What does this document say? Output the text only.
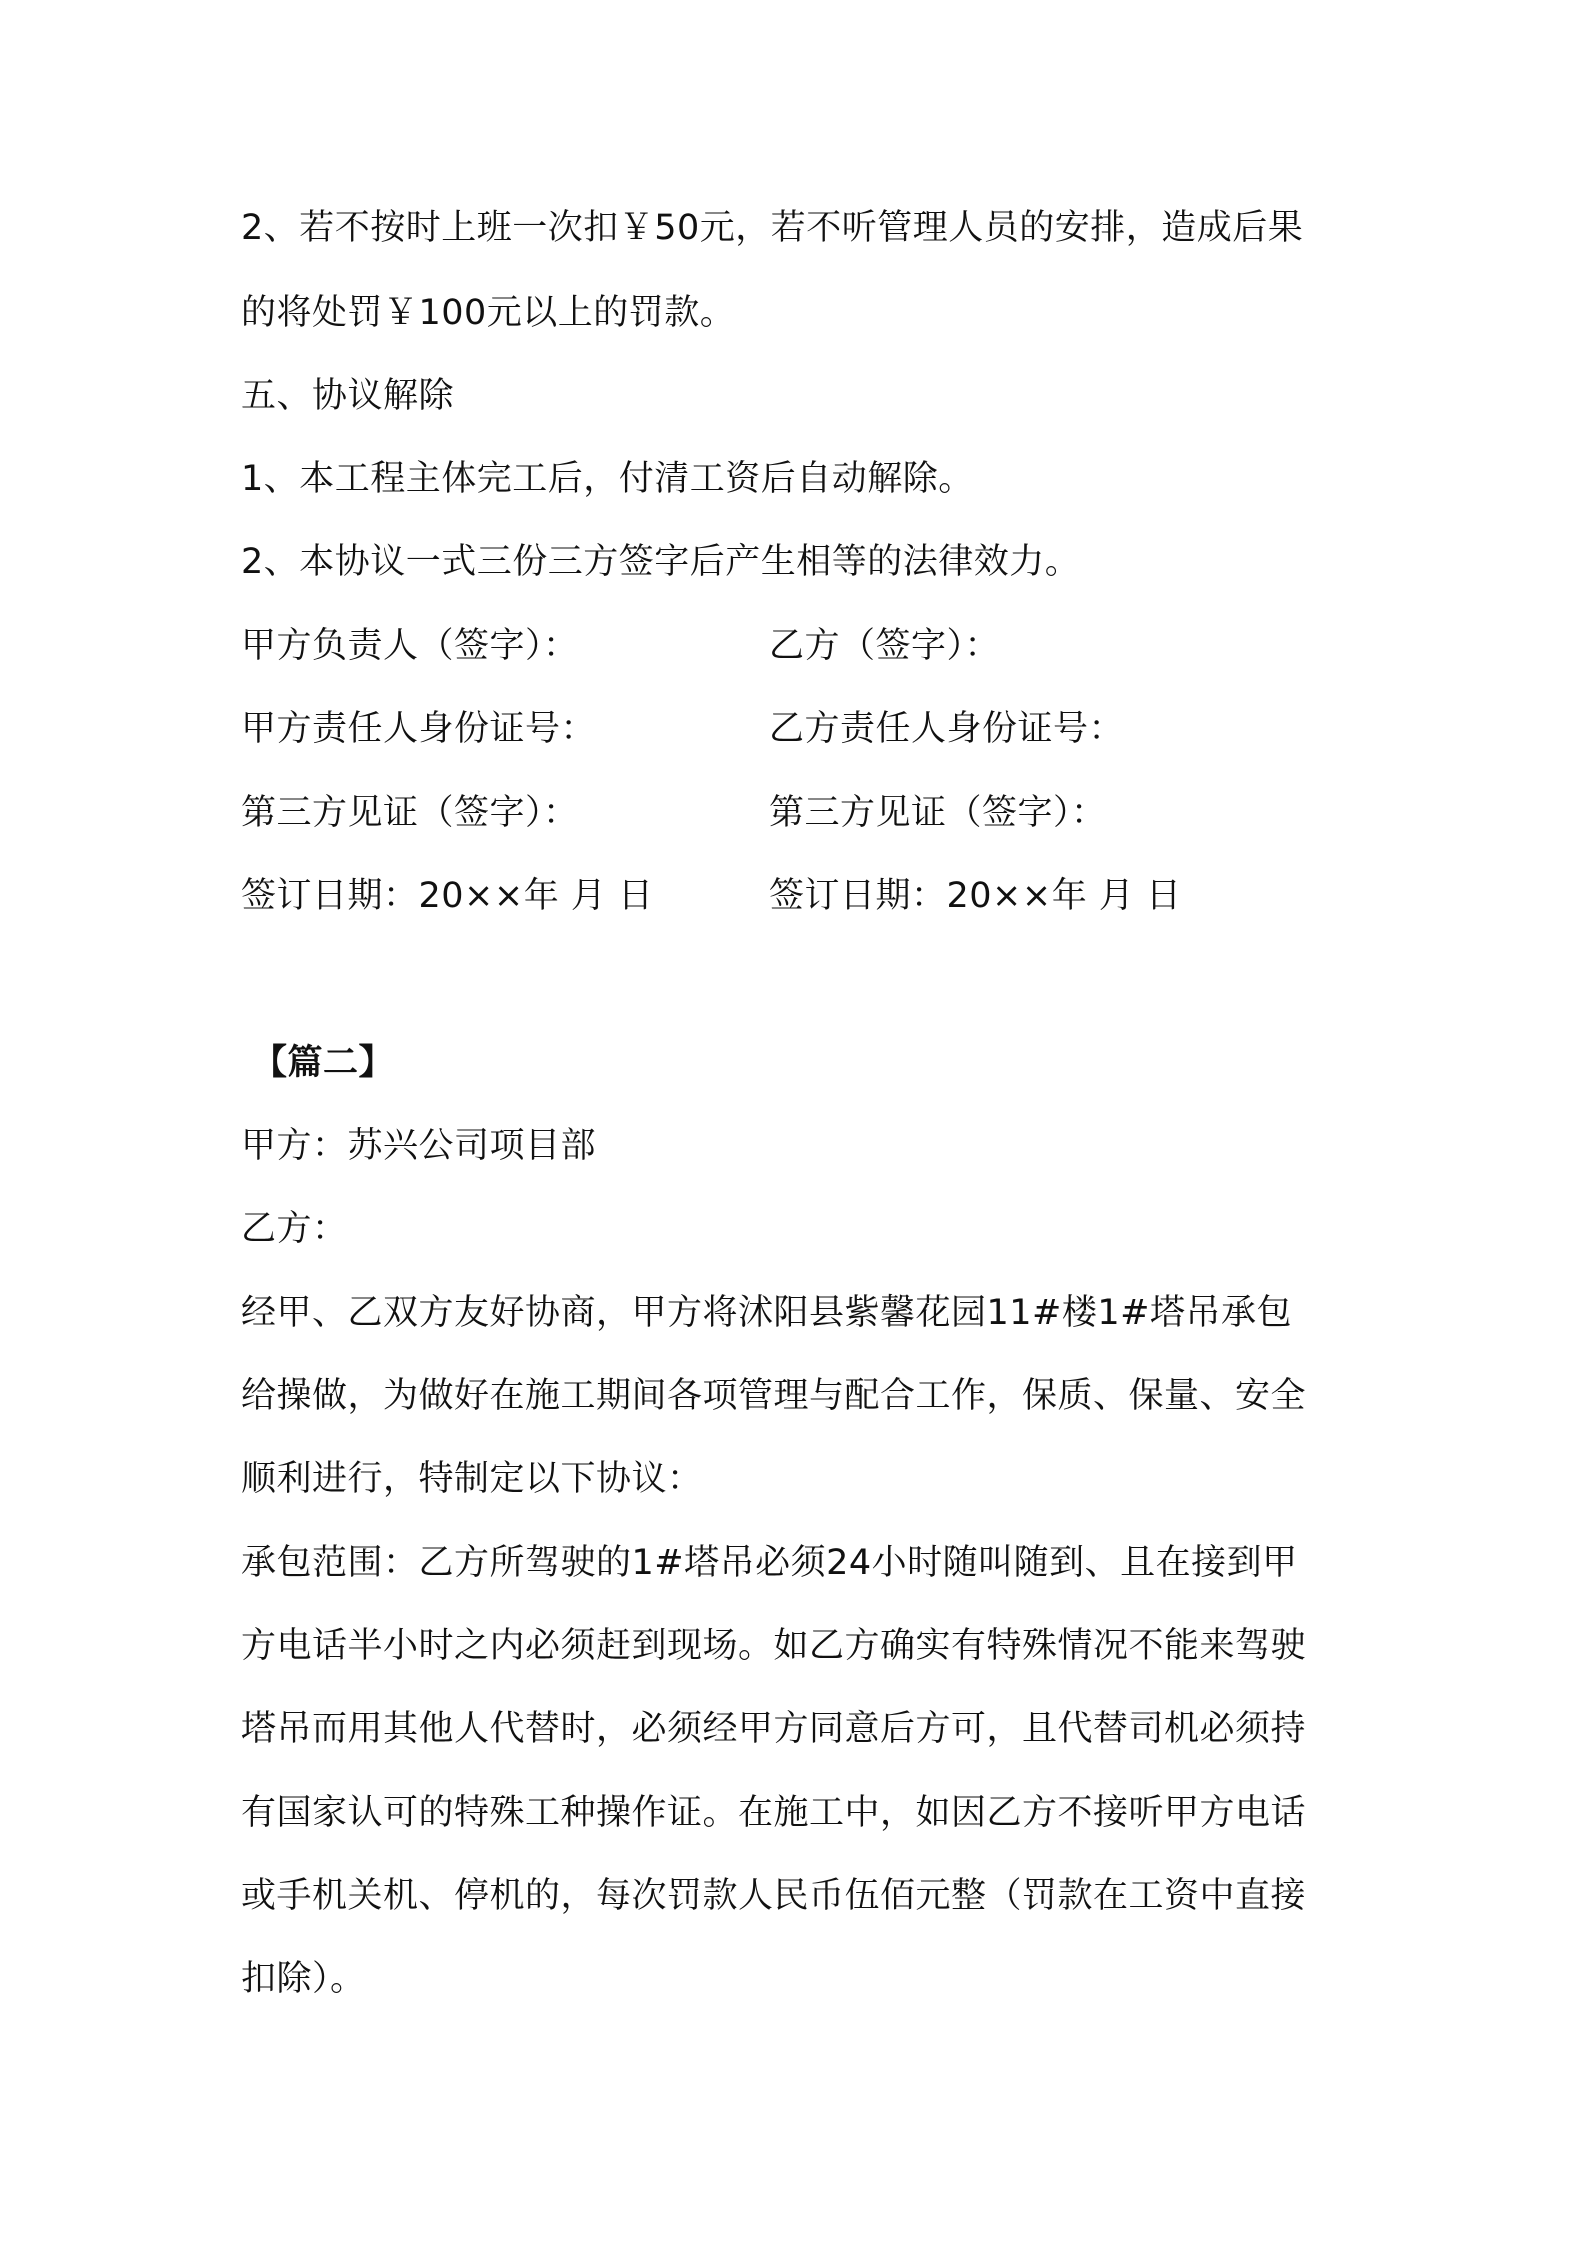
2、若不按时上班一次扣￥50元，若不听管理人员的安排，造成后果
的将处罚￥100元以上的罚款。
五、协议解除
1、本工程主体完工后，付清工资后自动解除。
2、本协议一式三份三方签字后产生相等的法律效力。
甲方负责人（签字）：	乙方（签字）：
甲方责任人身份证号：	乙方责任人身份证号：
第三方见证（签字）：	第三方见证（签字）：
签订日期：20××年 月 日	签订日期：20××年 月 日
【篇二】
甲方：苏兴公司项目部
乙方：
经甲、乙双方友好协商，甲方将沭阳县紫馨花园11#楼1#塔吊承包
给操做，为做好在施工期间各项管理与配合工作，保质、保量、安全
顺利进行，特制定以下协议：
承包范围：乙方所驾驶的1#塔吊必须24小时随叫随到、且在接到甲
方电话半小时之内必须赶到现场。如乙方确实有特殊情况不能来驾驶
塔吊而用其他人代替时，必须经甲方同意后方可，且代替司机必须持
有国家认可的特殊工种操作证。在施工中，如因乙方不接听甲方电话
或手机关机、停机的，每次罚款人民币伍佰元整（罚款在工资中直接
扣除）。
